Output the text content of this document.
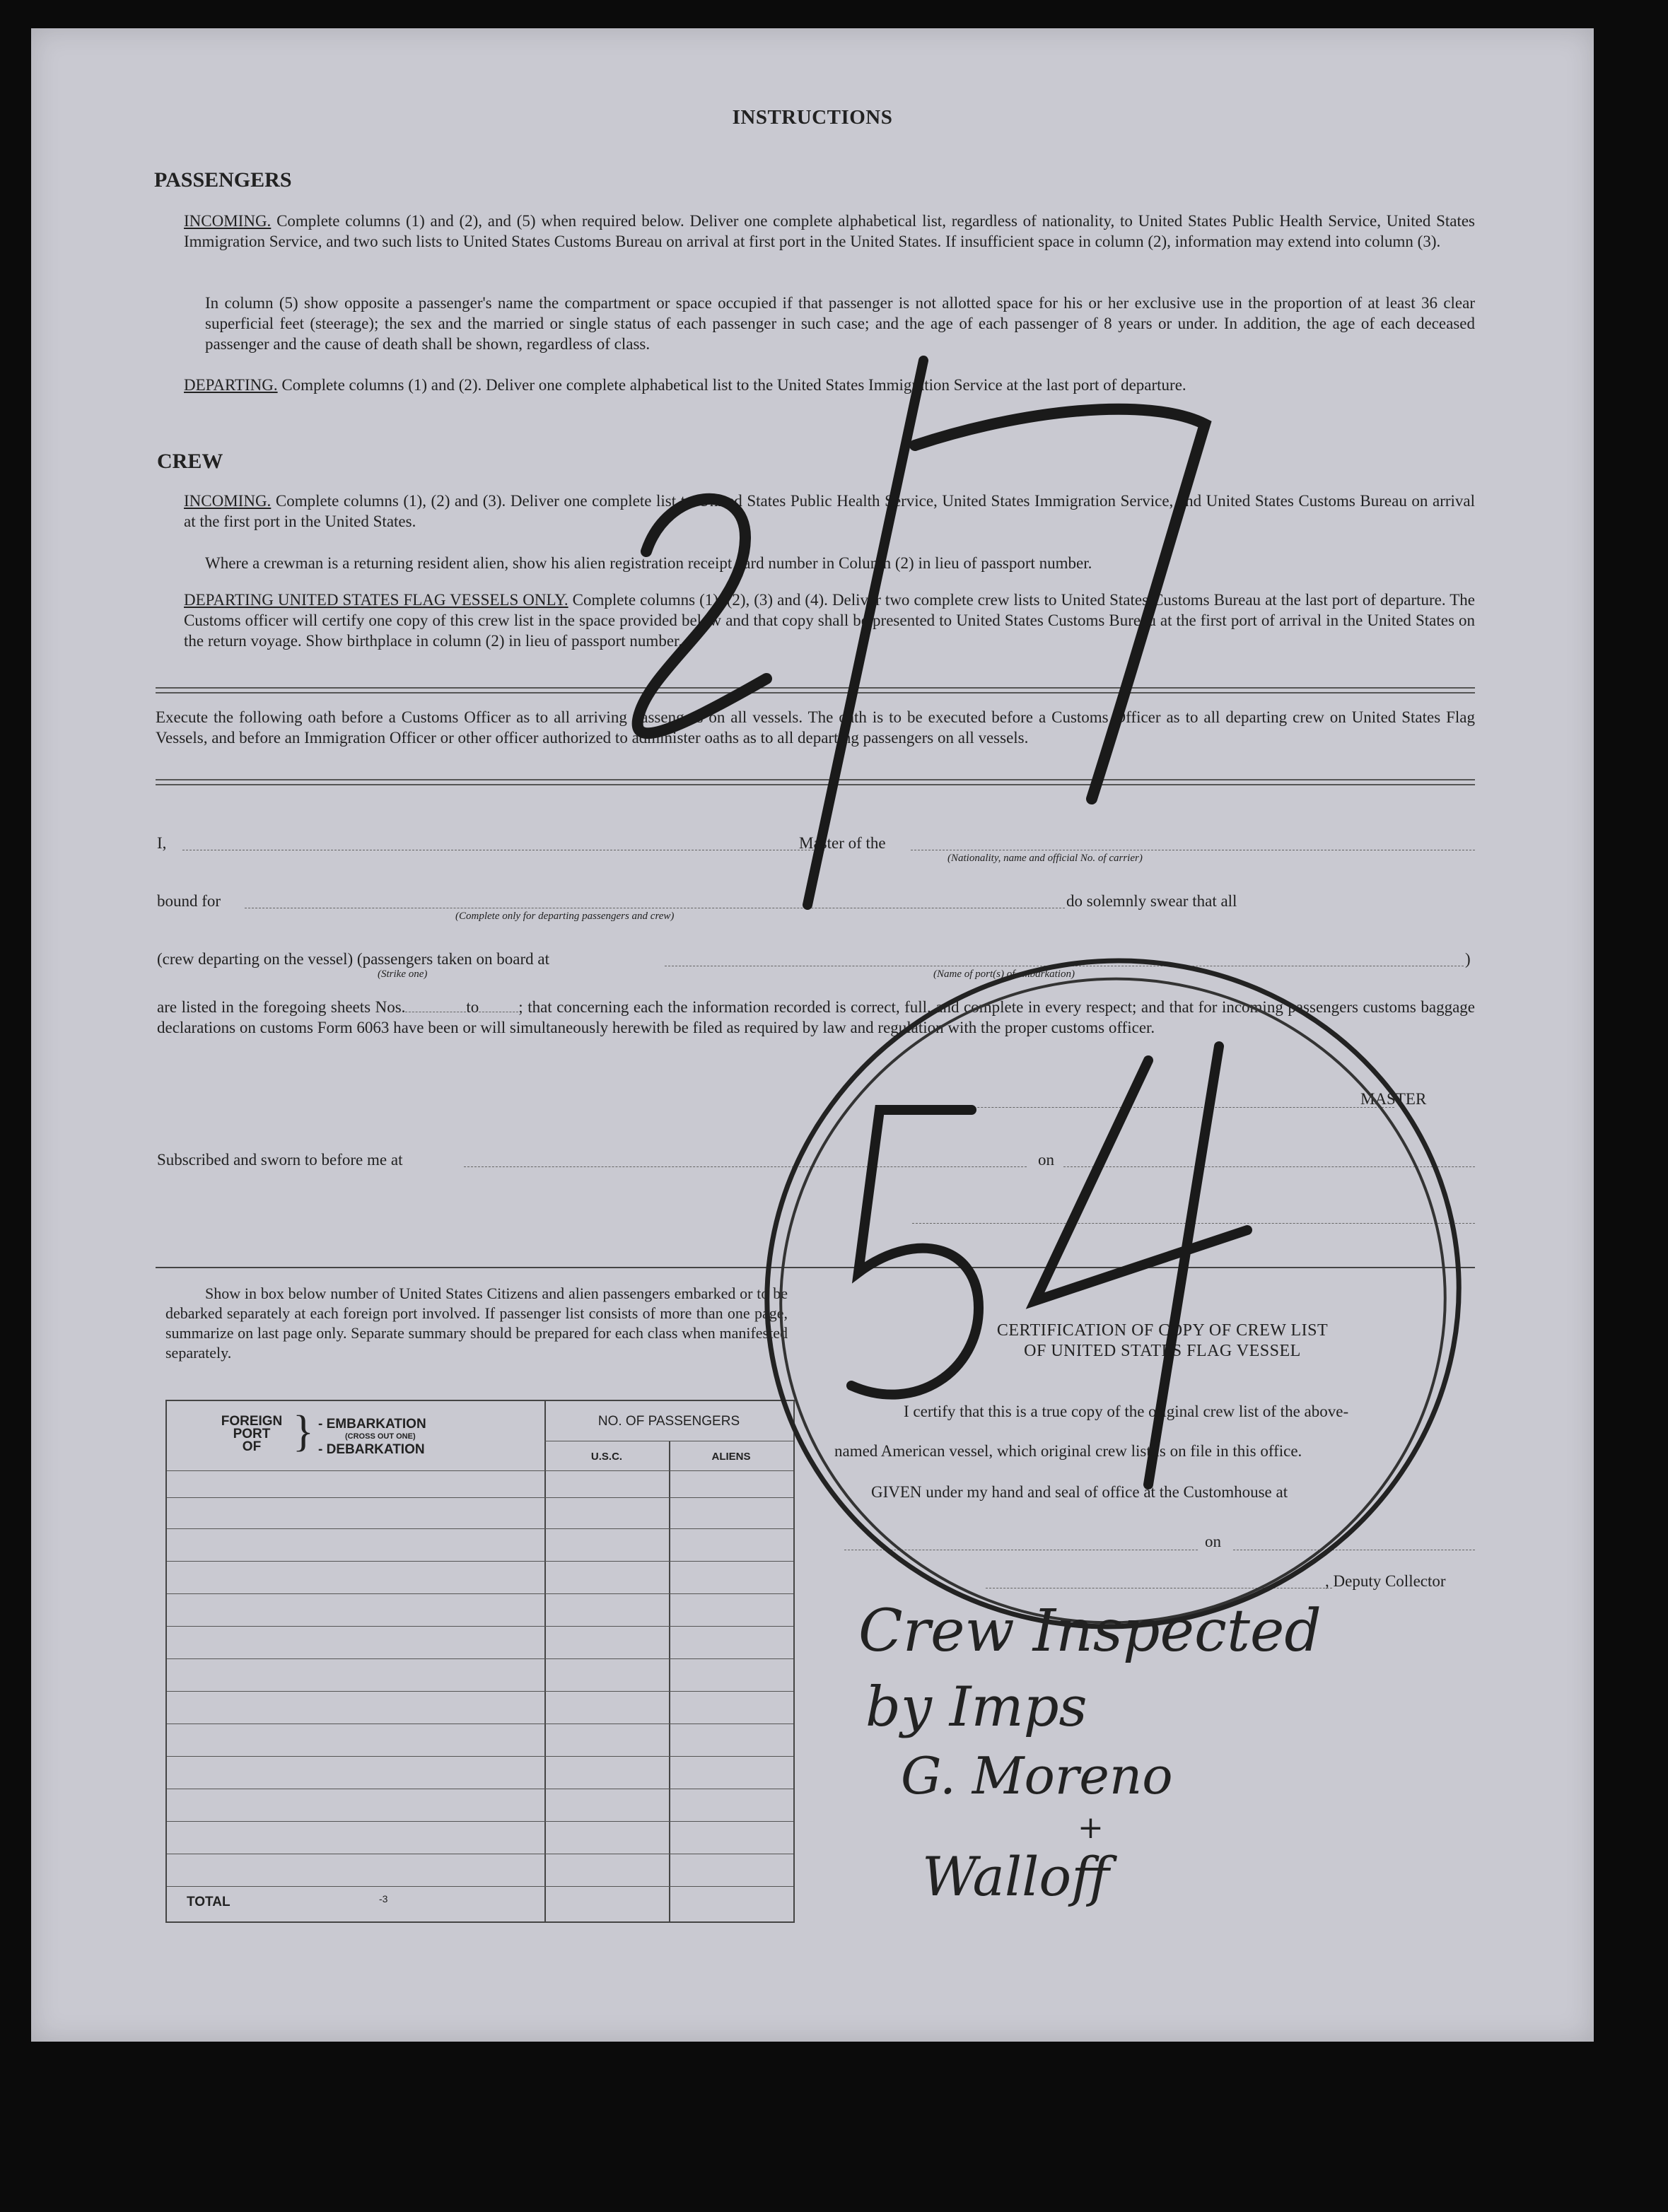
INSTRUCTIONS
PASSENGERS
INCOMING. Complete columns (1) and (2), and (5) when required below. Deliver one complete alphabetical list, regardless of nationality, to United States Public Health Service, United States Immigration Service, and two such lists to United States Customs Bureau on arrival at first port in the United States. If insufficient space in column (2), information may extend into column (3).
In column (5) show opposite a passenger's name the compartment or space occupied if that passenger is not allotted space for his or her exclusive use in the proportion of at least 36 clear superficial feet (steerage); the sex and the married or single status of each passenger in such case; and the age of each passenger of 8 years or under. In addition, the age of each deceased passenger and the cause of death shall be shown, regardless of class.
DEPARTING. Complete columns (1) and (2). Deliver one complete alphabetical list to the United States Immigration Service at the last port of departure.
CREW
INCOMING. Complete columns (1), (2) and (3). Deliver one complete list to United States Public Health Service, United States Immigration Service, and United States Customs Bureau on arrival at the first port in the United States.
Where a crewman is a returning resident alien, show his alien registration receipt card number in Column (2) in lieu of passport number.
DEPARTING UNITED STATES FLAG VESSELS ONLY. Complete columns (1), (2), (3) and (4). Deliver two complete crew lists to United States Customs Bureau at the last port of departure. The Customs officer will certify one copy of this crew list in the space provided below and that copy shall be presented to United States Customs Bureau at the first port of arrival in the United States on the return voyage. Show birthplace in column (2) in lieu of passport number.
Execute the following oath before a Customs Officer as to all arriving passengers on all vessels. The oath is to be executed before a Customs Officer as to all departing crew on United States Flag Vessels, and before an Immigration Officer or other officer authorized to administer oaths as to all departing passengers on all vessels.
I,	Master of the
(Nationality, name and official No. of carrier)
bound for
(Complete only for departing passengers and crew)
do solemnly swear that all
(crew departing on the vessel) (passengers taken on board at
(Strike one)
)
(Name of port(s) of embarkation)
are listed in the foregoing sheets Nos.	to ; that concerning each the information recorded is correct, full, and complete in every respect; and that for incoming passengers customs baggage declarations on customs Form 6063 have been or will simultaneously herewith be filed as required by law and regulation with the proper customs officer.
MASTER
Subscribed and sworn to before me at	on
Show in box below number of United States Citizens and alien passengers embarked or to be debarked separately at each foreign port involved. If passenger list consists of more than one page, summarize on last page only. Separate summary should be prepared for each class when manifested separately.
FOREIGN
PORT
OF } - EMBARKATION
(CROSS OUT ONE)
- DEBARKATION
NO. OF PASSENGERS
U.S.C.	ALIENS
TOTAL	-3
CERTIFICATION OF COPY OF CREW LIST
OF UNITED STATES FLAG VESSEL
I certify that this is a true copy of the original crew list of the above-
named American vessel, which original crew list is on file in this office.
GIVEN under my hand and seal of office at the Customhouse at
on
, Deputy Collector
Crew Inspected
by Imps
G. Moreno
+
Walloff
